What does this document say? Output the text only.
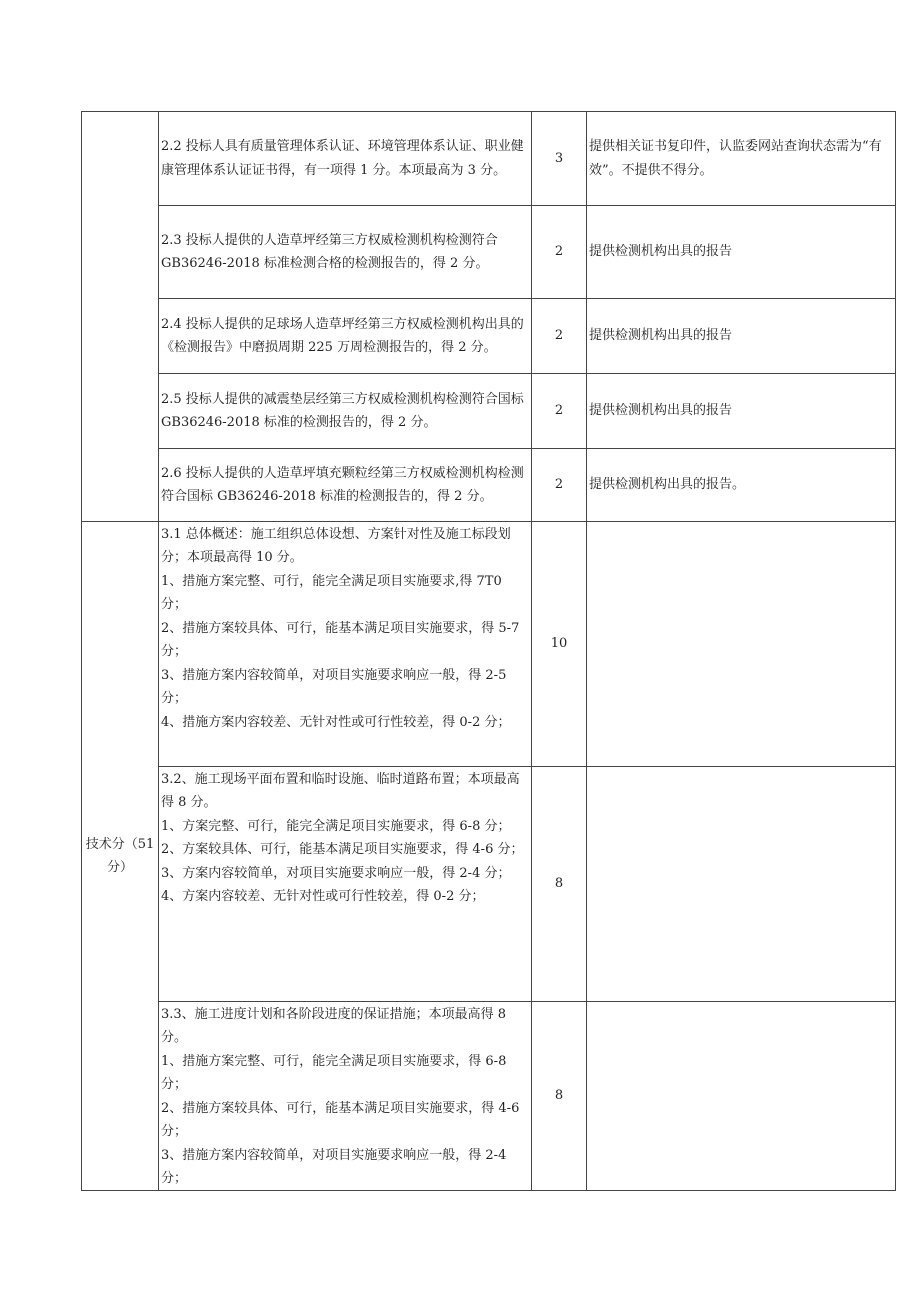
	2.2 投标人具有质量管理体系认证、环境管理体系认证、职业健康管理体系认证证书得，有一项得 1 分。本项最高为 3 分。	3	提供相关证书复印件，认监委网站查询状态需为“有效”。不提供不得分。

	2.3 投标人提供的人造草坪经第三方权威检测机构检测符合 GB36246-2018 标准检测合格的检测报告的，得 2 分。	2	提供检测机构出具的报告

	2.4 投标人提供的足球场人造草坪经第三方权威检测机构出具的《检测报告》中磨损周期 225 万周检测报告的，得 2 分。	2	提供检测机构出具的报告

	2.5 投标人提供的减震垫层经第三方权威检测机构检测符合国标 GB36246-2018 标准的检测报告的，得 2 分。	2	提供检测机构出具的报告

	2.6 投标人提供的人造草坪填充颗粒经第三方权威检测机构检测符合国标 GB36246-2018 标准的检测报告的，得 2 分。	2	提供检测机构出具的报告。
技术分（51分）	3.1 总体概述：施工组织总体设想、方案针对性及施工标段划分；本项最高得 10 分。
1、措施方案完整、可行，能完全满足项目实施要求,得 7T0 分；
2、措施方案较具体、可行，能基本满足项目实施要求，得 5-7 分；
3、措施方案内容较简单，对项目实施要求响应一般，得 2-5 分；
4、措施方案内容较差、无针对性或可行性较差，得 0-2 分；	10	

	3.2、施工现场平面布置和临时设施、临时道路布置；本项最高得 8 分。
1、方案完整、可行，能完全满足项目实施要求，得 6-8 分；
2、方案较具体、可行，能基本满足项目实施要求，得 4-6 分；
3、方案内容较简单，对项目实施要求响应一般，得 2-4 分；
4、方案内容较差、无针对性或可行性较差，得 0-2 分；	8	

	3.3、施工进度计划和各阶段进度的保证措施；本项最高得 8 分。
1、措施方案完整、可行，能完全满足项目实施要求，得 6-8 分；
2、措施方案较具体、可行，能基本满足项目实施要求，得 4-6 分；
3、措施方案内容较简单，对项目实施要求响应一般，得 2-4 分；	8	
